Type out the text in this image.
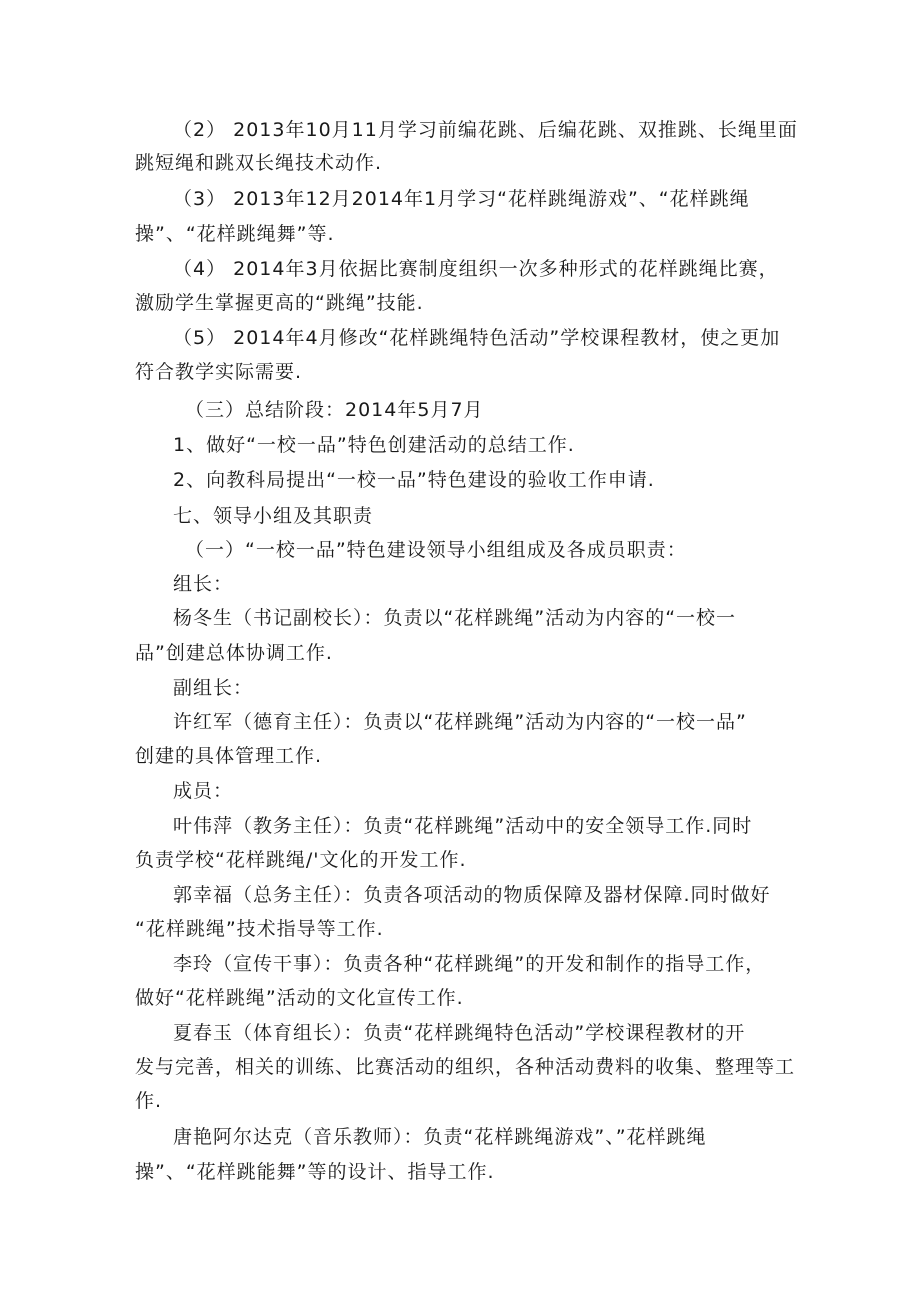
（2） 2013年10月11月学习前编花跳、后编花跳、双推跳、长绳里面
跳短绳和跳双长绳技术动作.
（3） 2013年12月2014年1月学习“花样跳绳游戏”、“花样跳绳
操”、“花样跳绳舞”等.
（4） 2014年3月依据比赛制度组织一次多种形式的花样跳绳比赛，
激励学生掌握更高的“跳绳”技能.
（5） 2014年4月修改“花样跳绳特色活动”学校课程教材，使之更加
符合教学实际需要.
（三）总结阶段：2014年5月7月
1、做好“一校一品”特色创建活动的总结工作.
2、向教科局提出“一校一品”特色建设的验收工作申请.
七、领导小组及其职责
（一）“一校一品”特色建设领导小组组成及各成员职责：
组长：
杨冬生（书记副校长）：负责以“花样跳绳”活动为内容的“一校一
品”创建总体协调工作.
副组长：
许红军（德育主任）：负责以“花样跳绳”活动为内容的“一校一品”
创建的具体管理工作.
成员：
叶伟萍（教务主任）：负责“花样跳绳”活动中的安全领导工作.同时
负责学校“花样跳绳/'文化的开发工作.
郭幸福（总务主任）：负责各项活动的物质保障及器材保障.同时做好
“花样跳绳”技术指导等工作.
李玲（宣传干事）：负责各种“花样跳绳”的开发和制作的指导工作，
做好“花样跳绳”活动的文化宣传工作.
夏春玉（体育组长）：负责“花样跳绳特色活动”学校课程教材的开
发与完善，相关的训练、比赛活动的组织，各种活动费料的收集、整理等工
作.
唐艳阿尔达克（音乐教师）：负责“花样跳绳游戏”、”花样跳绳
操”、“花样跳能舞”等的设计、指导工作.
